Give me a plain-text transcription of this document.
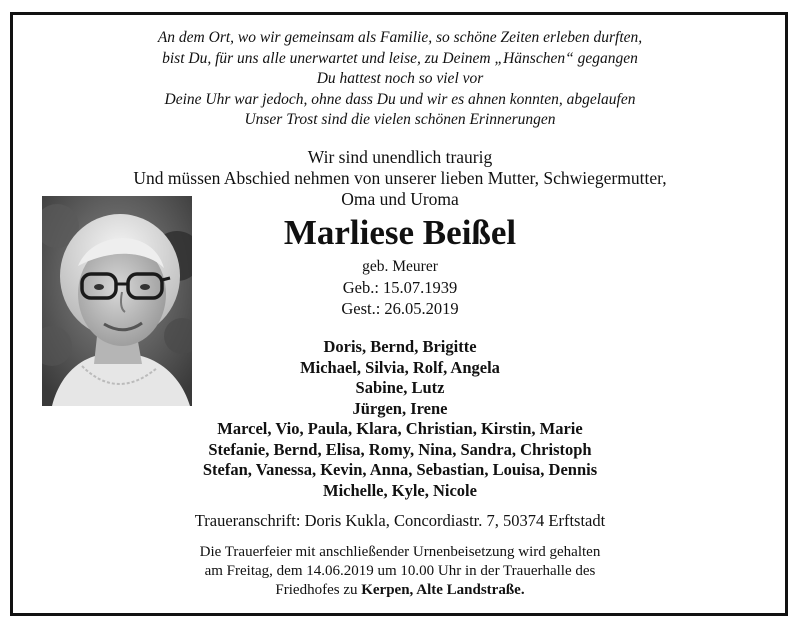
An dem Ort, wo wir gemeinsam als Familie, so schöne Zeiten erleben durften,
bist Du, für uns alle unerwartet und leise, zu Deinem „Hänschen“ gegangen
Du hattest noch so viel vor
Deine Uhr war jedoch, ohne dass Du und wir es ahnen konnten, abgelaufen
Unser Trost sind die vielen schönen Erinnerungen
Wir sind unendlich traurig
Und müssen Abschied nehmen von unserer lieben Mutter, Schwiegermutter,
Oma und Uroma
Marliese Beißel
geb. Meurer
Geb.: 15.07.1939
Gest.: 26.05.2019
Doris, Bernd, Brigitte
Michael, Silvia, Rolf, Angela
Sabine, Lutz
Jürgen, Irene
Marcel, Vio, Paula, Klara, Christian, Kirstin, Marie
Stefanie, Bernd, Elisa, Romy, Nina, Sandra, Christoph
Stefan, Vanessa, Kevin, Anna, Sebastian, Louisa, Dennis
Michelle, Kyle, Nicole
Traueranschrift: Doris Kukla, Concordiastr. 7, 50374 Erftstadt
Die Trauerfeier mit anschließender Urnenbeisetzung wird gehalten
am Freitag, dem 14.06.2019 um 10.00 Uhr in der Trauerhalle des
Friedhofes zu Kerpen, Alte Landstraße.
